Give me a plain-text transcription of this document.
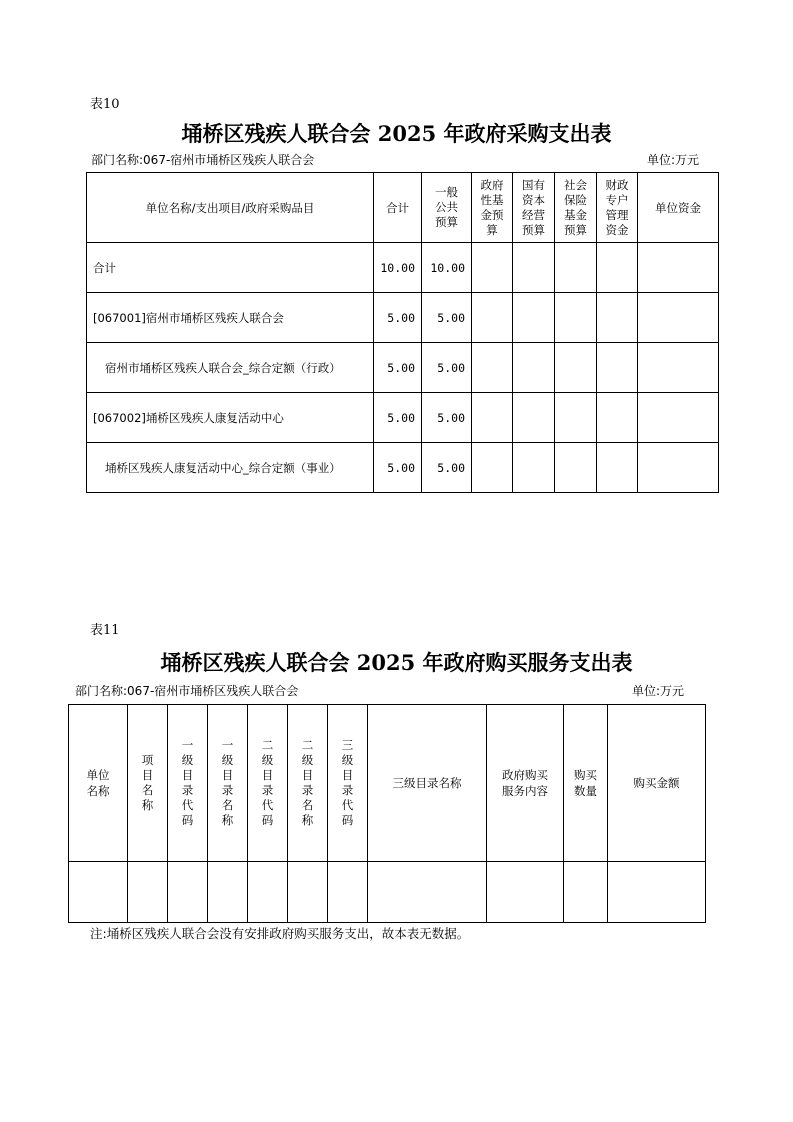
表10
埇桥区残疾人联合会 2025 年政府采购支出表
部门名称:067-宿州市埇桥区残疾人联合会	单位:万元
单位名称/支出项目/政府采购品目	合计	一般公共预算	政府性基金预算	国有资本经营预算	社会保险基金预算	财政专户管理资金	单位资金
合计	10.00	10.00					
[067001]宿州市埇桥区残疾人联合会	5.00	5.00					
宿州市埇桥区残疾人联合会_综合定额（行政）	5.00	5.00					
[067002]埇桥区残疾人康复活动中心	5.00	5.00					
埇桥区残疾人康复活动中心_综合定额（事业）	5.00	5.00					
表11
埇桥区残疾人联合会 2025 年政府购买服务支出表
部门名称:067-宿州市埇桥区残疾人联合会	单位:万元
单位名称	项目名称	一级目录代码	一级目录名称	二级目录代码	二级目录名称	三级目录代码	三级目录名称	政府购买服务内容	购买数量	购买金额

注:埇桥区残疾人联合会没有安排政府购买服务支出，故本表无数据。
